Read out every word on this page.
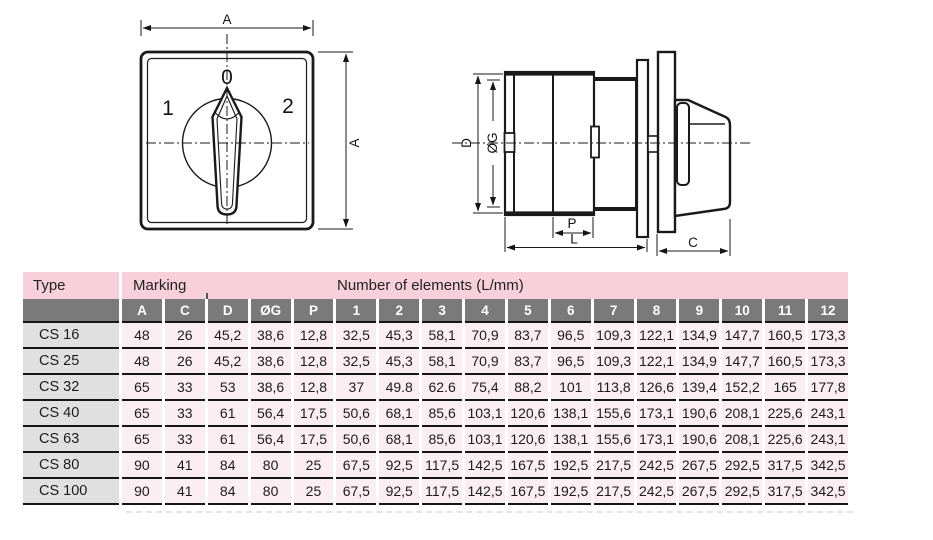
A
A
0
1	2
D ØG
P
L	C
Type	Marking	Number of elements (L/mm)
A	C	D	ØG	P	1	2	3	4	5	6	7	8	9	10	11	12
CS 16	48	26	45,2	38,6	12,8	32,5	45,3	58,1	70,9	83,7	96,5 109,3 122,1 134,9 147,7 160,5 173,3
CS 25	48	26	45,2	38,6	12,8	32,5	45,3	58,1	70,9	83,7	96,5 109,3 122,1 134,9 147,7 160,5 173,3
CS 32	65	33	53	38,6	12,8	37	49.8	62.6	75,4	88,2	101	113,8 126,6 139,4 152,2 165 177,8
CS 40	65	33	61	56,4	17,5	50,6	68,1	85,6 103,1 120,6 138,1 155,6 173,1 190,6 208,1 225,6 243,1
CS 63	65	33	61	56,4	17,5	50,6	68,1	85,6 103,1 120,6 138,1 155,6 173,1 190,6 208,1 225,6 243,1
CS 80	90	41	84	80	25	67,5	92,5 117,5 142,5 167,5 192,5 217,5 242,5 267,5 292,5 317,5 342,5
CS 100	90	41	84	80	25	67,5	92,5 117,5 142,5 167,5 192,5 217,5 242,5 267,5 292,5 317,5 342,5
